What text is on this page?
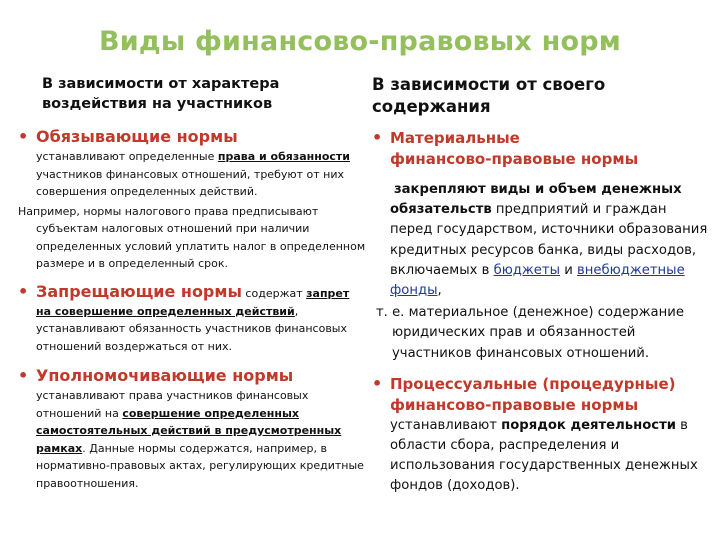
Виды финансово-правовых норм
В зависимости от характера
воздействия на участников
• Обязывающие нормы
устанавливают определенные права и обязанности участников финансовых отношений, требуют от них совершения определенных действий.
Например, нормы налогового права предписывают субъектам налоговых отношений при наличии определенных условий уплатить налог в определенном размере и в определенный срок.
• Запрещающие нормы содержат запрет на совершение определенных действий, устанавливают обязанность участников финансовых отношений воздержаться от них.
• Уполномочивающие нормы
устанавливают права участников финансовых отношений на совершение определенных самостоятельных действий в предусмотренных рамках. Данные нормы содержатся, например, в нормативно-правовых актах, регулирующих кредитные правоотношения.
В зависимости от своего
содержания
• Материальные
финансово-правовые нормы
закрепляют виды и объем денежных обязательств предприятий и граждан перед государством, источники образования кредитных ресурсов банка, виды расходов, включаемых в бюджеты и внебюджетные фонды,
т. е. материальное (денежное) содержание юридических прав и обязанностей участников финансовых отношений.
• Процессуальные (процедурные)
финансово-правовые нормы
устанавливают порядок деятельности в области сбора, распределения и использования государственных денежных фондов (доходов).
